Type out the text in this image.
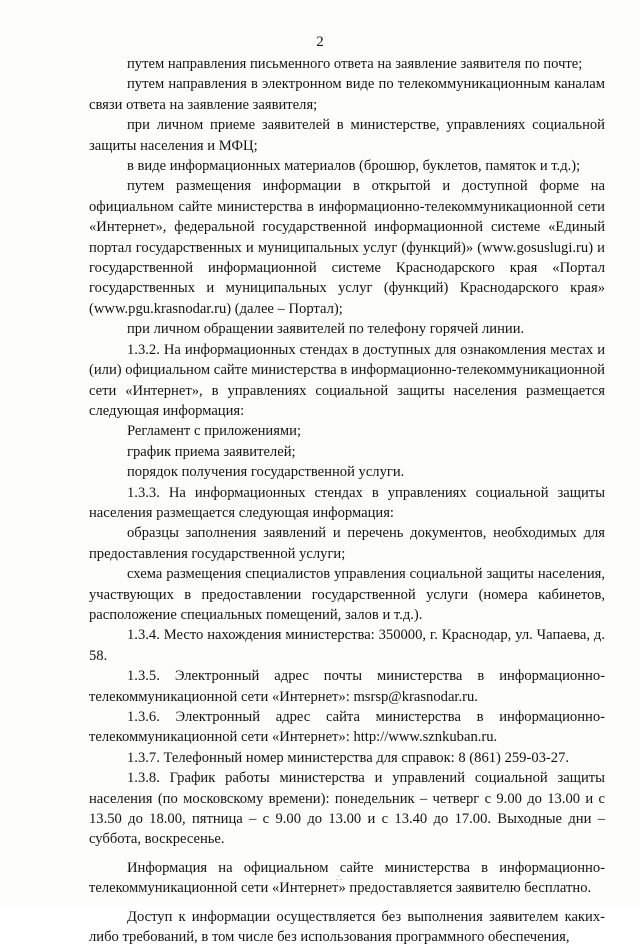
2

путем направления письменного ответа на заявление заявителя по почте;

путем направления в электронном виде по телекоммуникационным каналам связи ответа на заявление заявителя;

при личном приеме заявителей в министерстве, управлениях социальной защиты населения и МФЦ;

в виде информационных материалов (брошюр, буклетов, памяток и т.д.);

путем размещения информации в открытой и доступной форме на официальном сайте министерства в информационно-телекоммуникационной сети «Интернет», федеральной государственной информационной системе «Единый портал государственных и муниципальных услуг (функций)» (www.gosuslugi.ru) и государственной информационной системе Краснодарского края «Портал государственных и муниципальных услуг (функций) Краснодарского края» (www.pgu.krasnodar.ru) (далее – Портал);

при личном обращении заявителей по телефону горячей линии.

1.3.2. На информационных стендах в доступных для ознакомления местах и (или) официальном сайте министерства в информационно-телекоммуникационной сети «Интернет», в управлениях социальной защиты населения размещается следующая информация:

Регламент с приложениями;

график приема заявителей;

порядок получения государственной услуги.

1.3.3. На информационных стендах в управлениях социальной защиты населения размещается следующая информация:

образцы заполнения заявлений и перечень документов, необходимых для предоставления государственной услуги;

схема размещения специалистов управления социальной защиты населения, участвующих в предоставлении государственной услуги (номера кабинетов, расположение специальных помещений, залов и т.д.).

1.3.4. Место нахождения министерства: 350000, г. Краснодар, ул. Чапаева, д. 58.

1.3.5. Электронный адрес почты министерства в информационно-телекоммуникационной сети «Интернет»: msrsp@krasnodar.ru.

1.3.6. Электронный адрес сайта министерства в информационно-телекоммуникационной сети «Интернет»: http://www.sznkuban.ru.

1.3.7. Телефонный номер министерства для справок: 8 (861) 259-03-27.

1.3.8. График работы министерства и управлений социальной защиты населения (по московскому времени): понедельник – четверг с 9.00 до 13.00 и с 13.50 до 18.00, пятница – с 9.00 до 13.00 и с 13.40 до 17.00. Выходные дни – суббота, воскресенье.

Информация на официальном сайте министерства в информационно-телекоммуникационной сети «Интернет» предоставляется заявителю бесплатно.

Доступ к информации осуществляется без выполнения заявителем каких-либо требований, в том числе без использования программного обеспечения,

∴
